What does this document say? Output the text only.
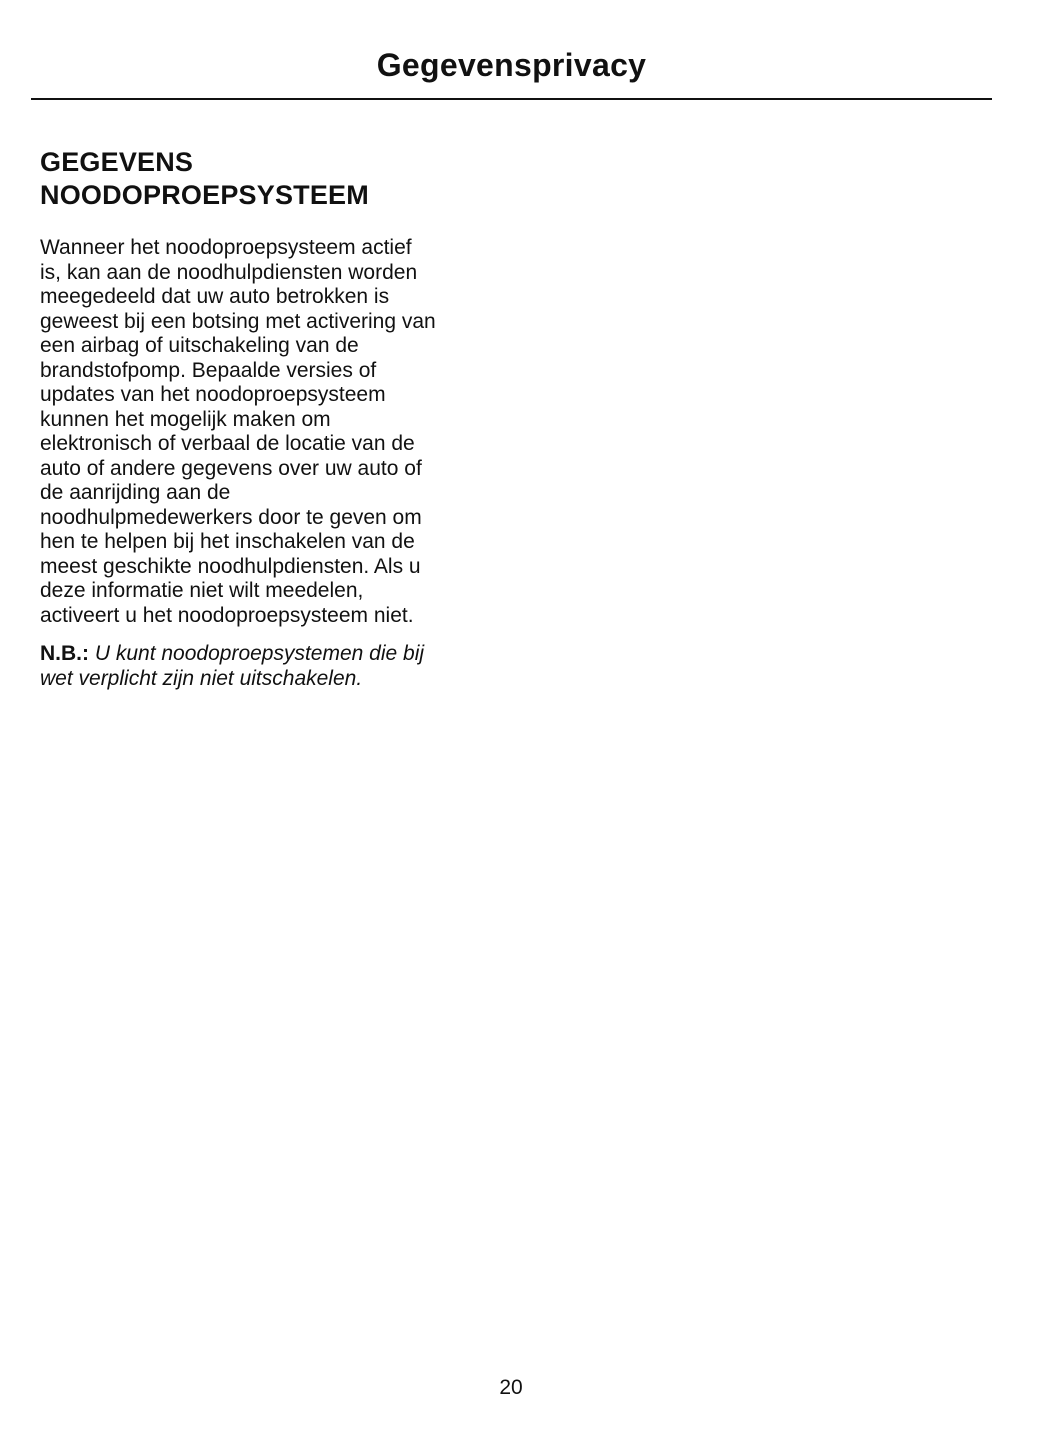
Gegevensprivacy
GEGEVENS
NOODOPROEPSYSTEEM

Wanneer het noodoproepsysteem actief
is, kan aan de noodhulpdiensten worden
meegedeeld dat uw auto betrokken is
geweest bij een botsing met activering van
een airbag of uitschakeling van de
brandstofpomp. Bepaalde versies of
updates van het noodoproepsysteem
kunnen het mogelijk maken om
elektronisch of verbaal de locatie van de
auto of andere gegevens over uw auto of
de aanrijding aan de
noodhulpmedewerkers door te geven om
hen te helpen bij het inschakelen van de
meest geschikte noodhulpdiensten. Als u
deze informatie niet wilt meedelen,
activeert u het noodoproepsysteem niet.

N.B.: U kunt noodoproepsystemen die bij
wet verplicht zijn niet uitschakelen.

20
